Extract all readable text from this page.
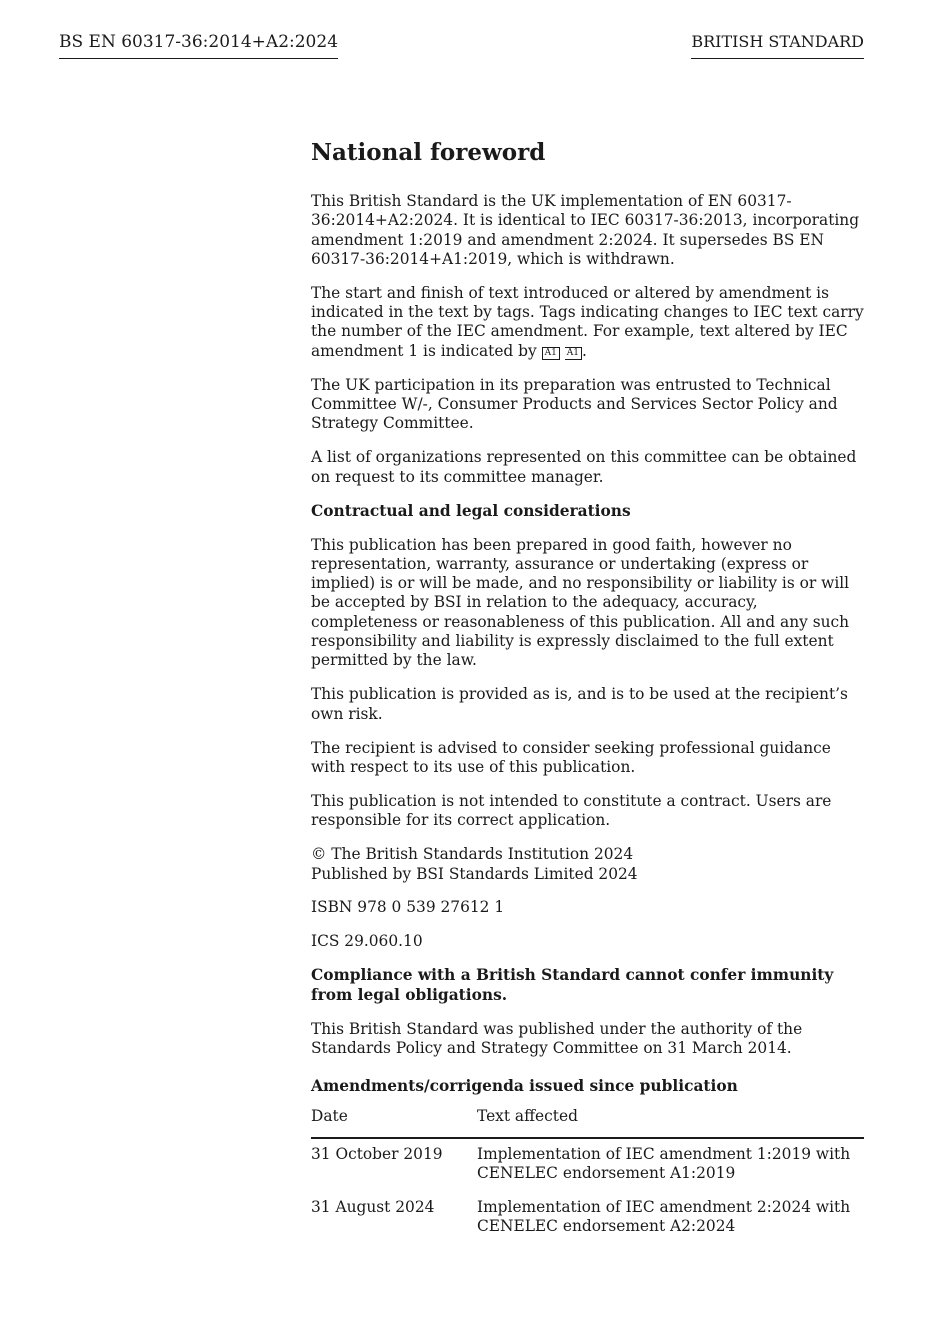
BS EN 60317-36:2014+A2:2024	BRITISH STANDARD
National foreword

This British Standard is the UK implementation of EN 60317-36:2014+A2:2024. It is identical to IEC 60317-36:2013, incorporating amendment 1:2019 and amendment 2:2024. It supersedes BS EN 60317-36:2014+A1:2019, which is withdrawn.

The start and finish of text introduced or altered by amendment is indicated in the text by tags. Tags indicating changes to IEC text carry the number of the IEC amendment. For example, text altered by IEC amendment 1 is indicated by A1 A1 .

The UK participation in its preparation was entrusted to Technical Committee W/-, Consumer Products and Services Sector Policy and Strategy Committee.

A list of organizations represented on this committee can be obtained on request to its committee manager.

Contractual and legal considerations

This publication has been prepared in good faith, however no representation, warranty, assurance or undertaking (express or implied) is or will be made, and no responsibility or liability is or will be accepted by BSI in relation to the adequacy, accuracy, completeness or reasonableness of this publication. All and any such responsibility and liability is expressly disclaimed to the full extent permitted by the law.

This publication is provided as is, and is to be used at the recipient’s own risk.

The recipient is advised to consider seeking professional guidance with respect to its use of this publication.

This publication is not intended to constitute a contract. Users are responsible for its correct application.

© The British Standards Institution 2024
Published by BSI Standards Limited 2024

ISBN 978 0 539 27612 1

ICS 29.060.10

Compliance with a British Standard cannot confer immunity from legal obligations.

This British Standard was published under the authority of the Standards Policy and Strategy Committee on 31 March 2014.

Amendments/corrigenda issued since publication

Date	Text affected
31 October 2019	Implementation of IEC amendment 1:2019 with CENELEC endorsement A1:2019
31 August 2024	Implementation of IEC amendment 2:2024 with CENELEC endorsement A2:2024
